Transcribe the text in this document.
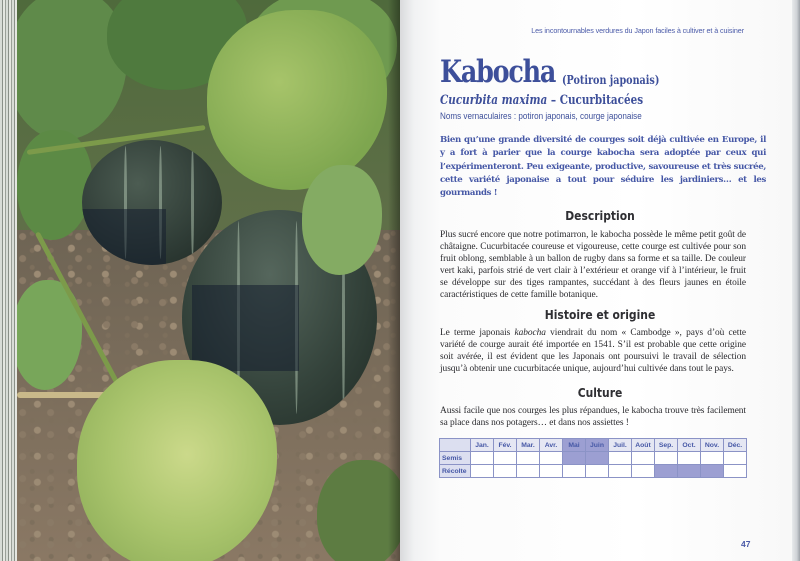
Les incontournables verdures du Japon faciles à cultiver et à cuisiner
Kabocha (Potiron japonais)
Cucurbita maxima – Cucurbitacées
Noms vernaculaires : potiron japonais, courge japonaise
Bien qu’une grande diversité de courges soit déjà cultivée en Europe, il y a fort à parier que la courge kabocha sera adoptée par ceux qui l’expérimenteront. Peu exigeante, productive, savoureuse et très sucrée, cette variété japonaise a tout pour séduire les jardiniers… et les gourmands !
Description
Plus sucré encore que notre potimarron, le kabocha possède le même petit goût de châtaigne. Cucurbitacée coureuse et vigoureuse, cette courge est cultivée pour son fruit oblong, semblable à un ballon de rugby dans sa forme et sa taille. De couleur vert kaki, parfois strié de vert clair à l’extérieur et orange vif à l’intérieur, le fruit se développe sur des tiges rampantes, succédant à des fleurs jaunes en étoile caractéristiques de cette famille botanique.
Histoire et origine
Le terme japonais kabocha viendrait du nom « Cambodge », pays d’où cette variété de courge aurait été importée en 1541. S’il est probable que cette origine soit avérée, il est évident que les Japonais ont poursuivi le travail de sélection jusqu’à obtenir une cucurbitacée unique, aujourd’hui cultivée dans tout le pays.
Culture
Aussi facile que nos courges les plus répandues, le kabocha trouve très facilement sa place dans nos potagers… et dans nos assiettes !
	Jan.	Fév.	Mar.	Avr.	Mai	Juin	Juil.	Août	Sep.	Oct.	Nov.	Déc.
Semis												
Récolte												
47
